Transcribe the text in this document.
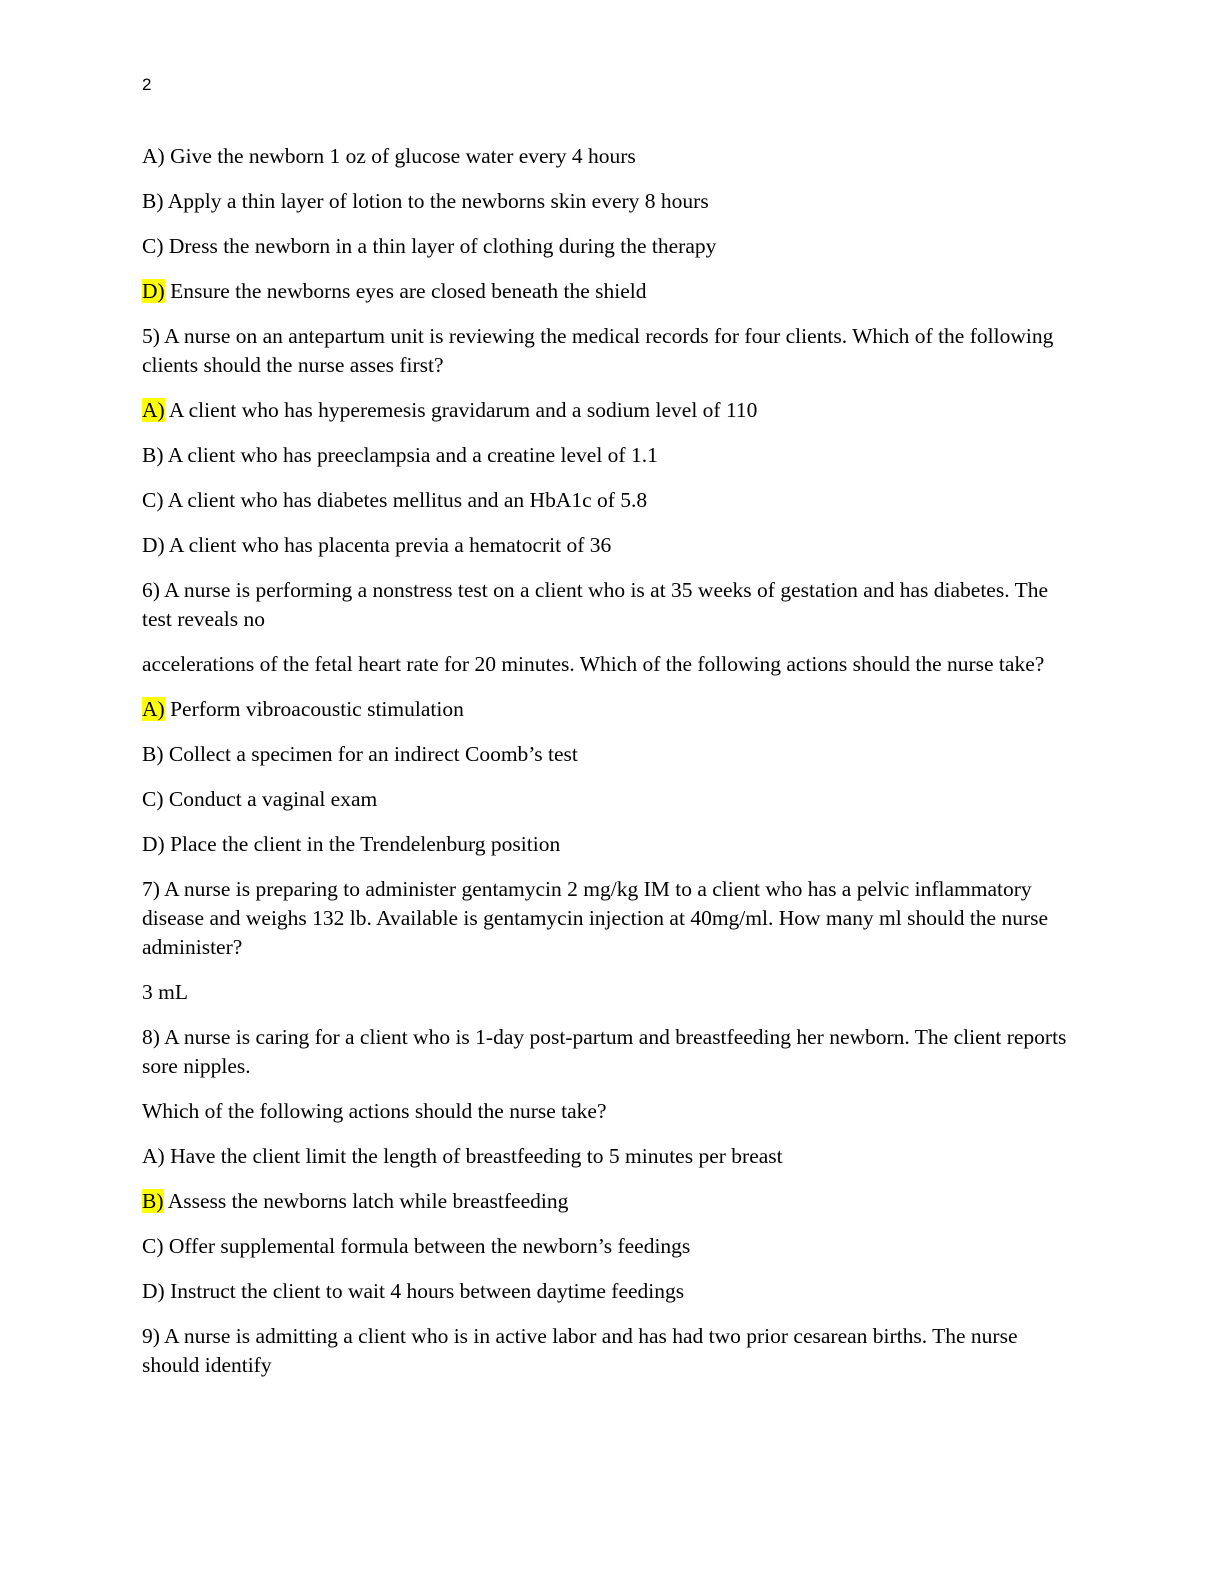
2

A) Give the newborn 1 oz of glucose water every 4 hours

B) Apply a thin layer of lotion to the newborns skin every 8 hours

C) Dress the newborn in a thin layer of clothing during the therapy

D) Ensure the newborns eyes are closed beneath the shield

5) A nurse on an antepartum unit is reviewing the medical records for four clients. Which of the following clients should the nurse asses first?

A) A client who has hyperemesis gravidarum and a sodium level of 110

B) A client who has preeclampsia and a creatine level of 1.1

C) A client who has diabetes mellitus and an HbA1c of 5.8

D) A client who has placenta previa a hematocrit of 36

6) A nurse is performing a nonstress test on a client who is at 35 weeks of gestation and has diabetes. The test reveals no

accelerations of the fetal heart rate for 20 minutes. Which of the following actions should the nurse take?

A) Perform vibroacoustic stimulation

B) Collect a specimen for an indirect Coomb’s test

C) Conduct a vaginal exam

D) Place the client in the Trendelenburg position

7) A nurse is preparing to administer gentamycin 2 mg/kg IM to a client who has a pelvic inflammatory disease and weighs 132 lb. Available is gentamycin injection at 40mg/ml. How many ml should the nurse administer?

3 mL

8) A nurse is caring for a client who is 1-day post-partum and breastfeeding her newborn. The client reports sore nipples.

Which of the following actions should the nurse take?

A) Have the client limit the length of breastfeeding to 5 minutes per breast

B) Assess the newborns latch while breastfeeding

C) Offer supplemental formula between the newborn’s feedings

D) Instruct the client to wait 4 hours between daytime feedings

9) A nurse is admitting a client who is in active labor and has had two prior cesarean births. The nurse should identify
